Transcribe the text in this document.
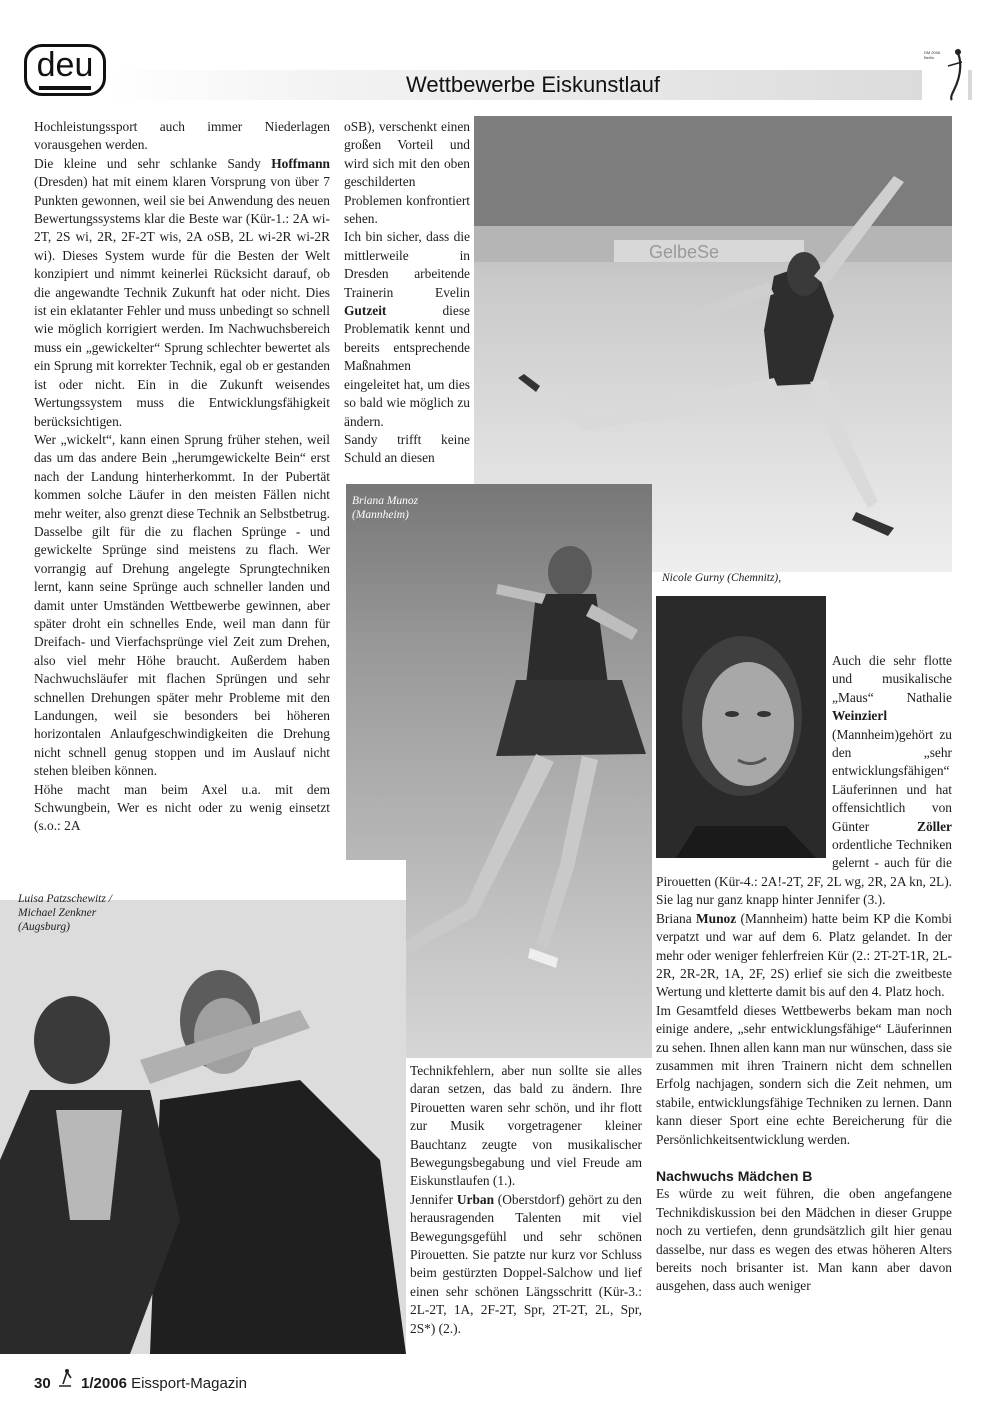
deu
Wettbewerbe Eiskunstlauf
DM 2006 Berlin

Hochleistungssport auch immer Niederlagen vorausgehen werden.

Die kleine und sehr schlanke Sandy Hoffmann (Dresden) hat mit einem klaren Vorsprung von über 7 Punkten gewonnen, weil sie bei Anwendung des neuen Bewertungssystems klar die Beste war (Kür-1.: 2A wi-2T, 2S wi, 2R, 2F-2T wis, 2A oSB, 2L wi-2R wi-2R wi). Dieses System wurde für die Besten der Welt konzipiert und nimmt keinerlei Rücksicht darauf, ob die angewandte Technik Zukunft hat oder nicht. Dies ist ein eklatanter Fehler und muss unbedingt so schnell wie möglich korrigiert werden. Im Nachwuchsbereich muss ein „gewickelter“ Sprung schlechter bewertet als ein Sprung mit korrekter Technik, egal ob er gestanden ist oder nicht. Ein in die Zukunft weisendes Wertungssystem muss die Entwicklungsfähigkeit berücksichtigen.

Wer „wickelt“, kann einen Sprung früher stehen, weil das um das andere Bein „herumgewickelte Bein“ erst nach der Landung hinterherkommt. In der Pubertät kommen solche Läufer in den meisten Fällen nicht mehr weiter, also grenzt diese Technik an Selbstbetrug. Dasselbe gilt für die zu flachen Sprünge - und gewickelte Sprünge sind meistens zu flach. Wer vorrangig auf Drehung angelegte Sprungtechniken lernt, kann seine Sprünge auch schneller landen und damit unter Umständen Wettbewerbe gewinnen, aber später droht ein schnelles Ende, weil man dann für Dreifach- und Vierfachsprünge viel Zeit zum Drehen, also viel mehr Höhe braucht. Außerdem haben Nachwuchsläufer mit flachen Sprüngen und sehr schnellen Drehungen später mehr Probleme mit den Landungen, weil sie besonders bei höheren horizontalen Anlaufgeschwindigkeiten die Drehung nicht schnell genug stoppen und im Auslauf nicht stehen bleiben können.

Höhe macht man beim Axel u.a. mit dem Schwungbein, Wer es nicht oder zu wenig einsetzt (s.o.: 2A

oSB), verschenkt einen großen Vorteil und wird sich mit den oben geschilderten Problemen konfrontiert sehen.

Ich bin sicher, dass die mittlerweile in Dresden arbeitende Trainerin Evelin Gutzeit diese Problematik kennt und bereits entsprechende Maßnahmen eingeleitet hat, um dies so bald wie möglich zu ändern.

Sandy trifft keine Schuld an diesen

GelbeSe
Nicole Gurny (Chemnitz),
Briana Munoz
(Mannheim)

Auch die sehr flotte und musikalische „Maus“ Nathalie Weinzierl (Mannheim)gehört zu den „sehr entwicklungsfähigen“ Läuferinnen und hat offensichtlich von Günter Zöller ordentliche Techniken gelernt - auch für die Pirouetten (Kür-4.: 2A!-2T, 2F, 2L wg, 2R, 2A kn, 2L). Sie lag nur ganz knapp hinter Jennifer (3.).

Briana Munoz (Mannheim) hatte beim KP die Kombi verpatzt und war auf dem 6. Platz gelandet. In der mehr oder weniger fehlerfreien Kür (2.: 2T-2T-1R, 2L-2R, 2R-2R, 1A, 2F, 2S) erlief sie sich die zweitbeste Wertung und kletterte damit bis auf den 4. Platz hoch.

Im Gesamtfeld dieses Wettbewerbs bekam man noch einige andere, „sehr entwicklungsfähige“ Läuferinnen zu sehen. Ihnen allen kann man nur wünschen, dass sie zusammen mit ihren Trainern nicht dem schnellen Erfolg nachjagen, sondern sich die Zeit nehmen, um stabile, entwicklungsfähige Techniken zu lernen. Dann kann dieser Sport eine echte Bereicherung für die Persönlichkeitsentwicklung werden.

Nachwuchs Mädchen B

Es würde zu weit führen, die oben angefangene Technikdiskussion bei den Mädchen in dieser Gruppe noch zu vertiefen, denn grundsätzlich gilt hier genau dasselbe, nur dass es wegen des etwas höheren Alters bereits noch brisanter ist. Man kann aber davon ausgehen, dass auch weniger

Technikfehlern, aber nun sollte sie alles daran setzen, das bald zu ändern. Ihre Pirouetten waren sehr schön, und ihr flott zur Musik vorgetragener kleiner Bauchtanz zeugte von musikalischer Bewegungsbegabung und viel Freude am Eiskunstlaufen (1.).

Jennifer Urban (Oberstdorf) gehört zu den herausragenden Talenten mit viel Bewegungsgefühl und sehr schönen Pirouetten. Sie patzte nur kurz vor Schluss beim gestürzten Doppel-Salchow und lief einen sehr schönen Längsschritt (Kür-3.: 2L-2T, 1A, 2F-2T, Spr, 2T-2T, 2L, Spr, 2S*) (2.).

Luisa Patzschewitz /
Michael Zenkner
(Augsburg)
30 1/2006 Eissport-Magazin
